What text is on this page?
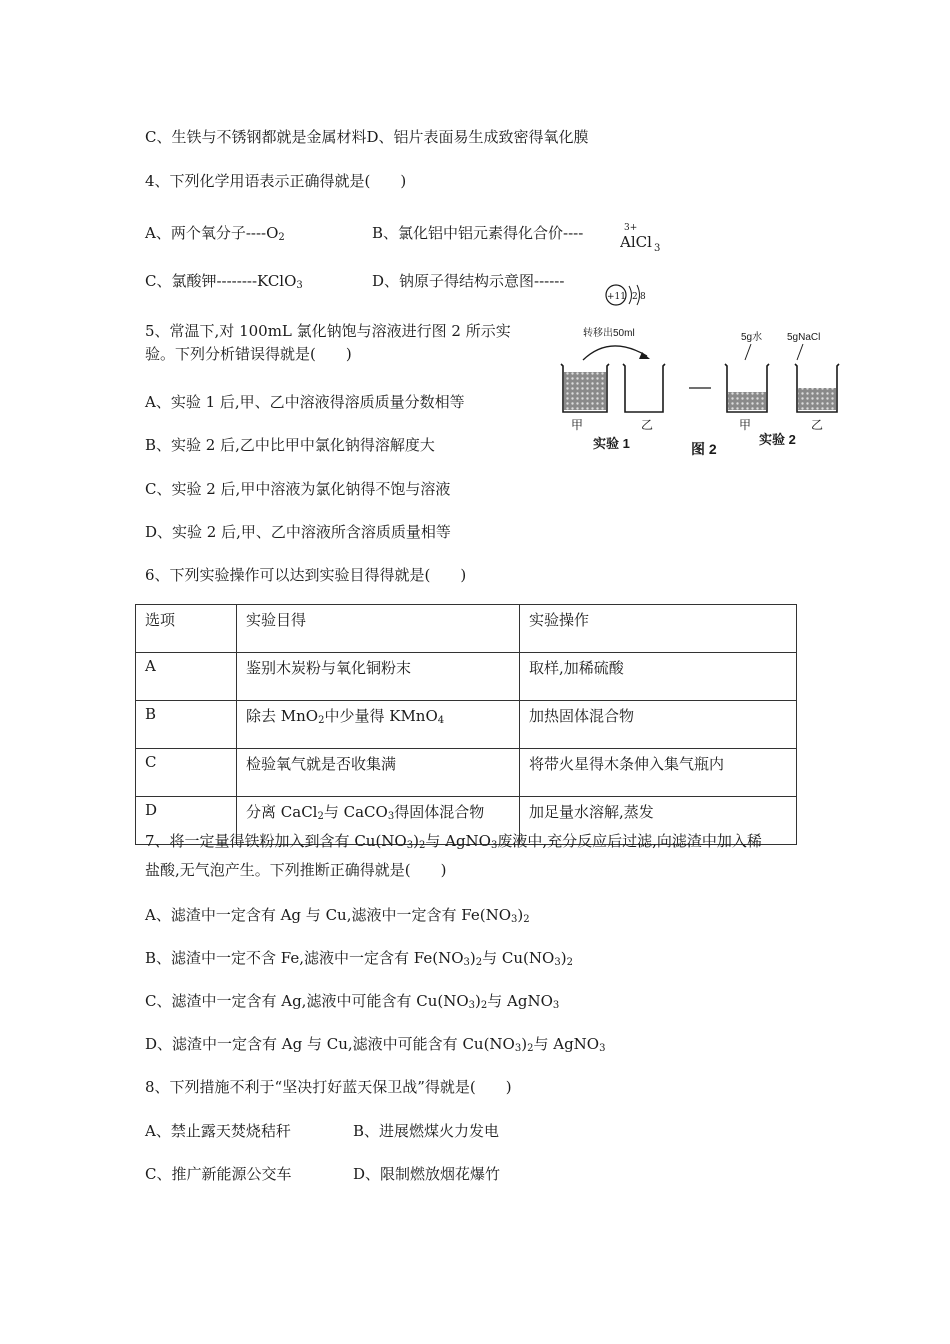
C、生铁与不锈钢都就是金属材料D、铝片表面易生成致密得氧化膜
4、下列化学用语表示正确得就是(　　)
A、两个氧分子$----O_2$	B、氯化铝中铝元素得化合价----	3+
AlCl 3
C、氯酸钾--------KClO$_3$	D、钠原子得结构示意图------
+11 2 8
5、常温下,对 100mL 氯化钠饱与溶液进行图 2 所示实
验。下列分析错误得就是(　　)
A、实验 1 后,甲、乙中溶液得溶质质量分数相等
B、实验 2 后,乙中比甲中氯化钠得溶解度大
C、实验 2 后,甲中溶液为氯化钠得不饱与溶液
D、实验 2 后,甲、乙中溶液所含溶质质量相等
转移出50ml
甲	乙
实验 1
5g水 5gNaCl
甲	乙
图 2
实验 2
6、下列实验操作可以达到实验目得得就是(　　)
选项	实验目得	实验操作
A	鉴别木炭粉与氧化铜粉末	取样,加稀硫酸
B	除去 MnO$_2$中少量得 KMnO$_4$	加热固体混合物
C	检验氧气就是否收集满	将带火星得木条伸入集气瓶内
D	分离 CaCl$_2$与 CaCO$_3$得固体混合物	加足量水溶解,蒸发
7、将一定量得铁粉加入到含有 $Cu(NO_3)_2$与 AgNO$_3$废液中,充分反应后过滤,向滤渣中加入稀
盐酸,无气泡产生。下列推断正确得就是(　　)
A、滤渣中一定含有 Ag 与 Cu,滤液中一定含有 $Fe(NO_3)_2$
B、滤渣中一定不含 Fe,滤液中一定含有 $Fe(NO_3)_2$与 $Cu(NO_3)_2$
C、滤渣中一定含有 Ag,滤液中可能含有 $Cu(NO_3)_2$与 AgNO$_3$
D、滤渣中一定含有 Ag 与 Cu,滤液中可能含有 $Cu(NO_3)_2$与 AgNO$_3$
8、下列措施不利于“坚决打好蓝天保卫战”得就是(　　)
A、禁止露天焚烧秸秆	B、进展燃煤火力发电
C、推广新能源公交车	D、限制燃放烟花爆竹
